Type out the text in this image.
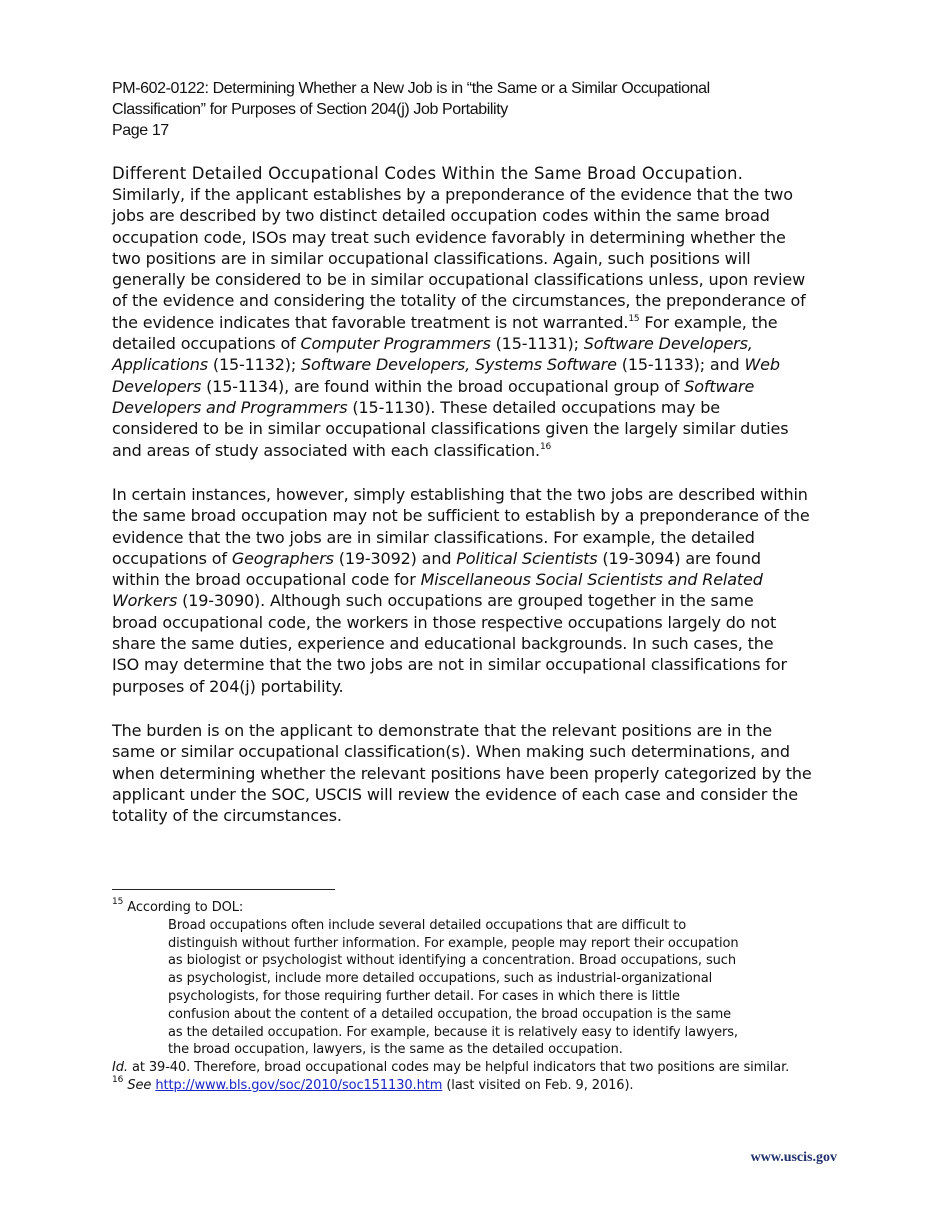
PM-602-0122: Determining Whether a New Job is in “the Same or a Similar Occupational
Classification” for Purposes of Section 204(j) Job Portability
Page 17
Different Detailed Occupational Codes Within the Same Broad Occupation.
Similarly, if the applicant establishes by a preponderance of the evidence that the two
jobs are described by two distinct detailed occupation codes within the same broad
occupation code, ISOs may treat such evidence favorably in determining whether the
two positions are in similar occupational classifications. Again, such positions will
generally be considered to be in similar occupational classifications unless, upon review
of the evidence and considering the totality of the circumstances, the preponderance of
the evidence indicates that favorable treatment is not warranted.$^{15}$ For example, the
detailed occupations of Computer Programmers (15-1131); Software Developers,
Applications (15-1132); Software Developers, Systems Software (15-1133); and Web
Developers (15-1134), are found within the broad occupational group of Software
Developers and Programmers (15-1130). These detailed occupations may be
considered to be in similar occupational classifications given the largely similar duties
and areas of study associated with each classification.$^{16}$
In certain instances, however, simply establishing that the two jobs are described within
the same broad occupation may not be sufficient to establish by a preponderance of the
evidence that the two jobs are in similar classifications. For example, the detailed
occupations of Geographers (19-3092) and Political Scientists (19-3094) are found
within the broad occupational code for Miscellaneous Social Scientists and Related
Workers (19-3090). Although such occupations are grouped together in the same
broad occupational code, the workers in those respective occupations largely do not
share the same duties, experience and educational backgrounds. In such cases, the
ISO may determine that the two jobs are not in similar occupational classifications for
purposes of 204(j) portability.
The burden is on the applicant to demonstrate that the relevant positions are in the
same or similar occupational classification(s). When making such determinations, and
when determining whether the relevant positions have been properly categorized by the
applicant under the SOC, USCIS will review the evidence of each case and consider the
totality of the circumstances.
$^{15}$ According to DOL:
Broad occupations often include several detailed occupations that are difficult to
distinguish without further information. For example, people may report their occupation
as biologist or psychologist without identifying a concentration. Broad occupations, such
as psychologist, include more detailed occupations, such as industrial-organizational
psychologists, for those requiring further detail. For cases in which there is little
confusion about the content of a detailed occupation, the broad occupation is the same
as the detailed occupation. For example, because it is relatively easy to identify lawyers,
the broad occupation, lawyers, is the same as the detailed occupation.
Id. at 39-40. Therefore, broad occupational codes may be helpful indicators that two positions are similar.
$^{16}$ See http://www.bls.gov/soc/2010/soc151130.htm (last visited on Feb. 9, 2016).
www.uscis.gov
